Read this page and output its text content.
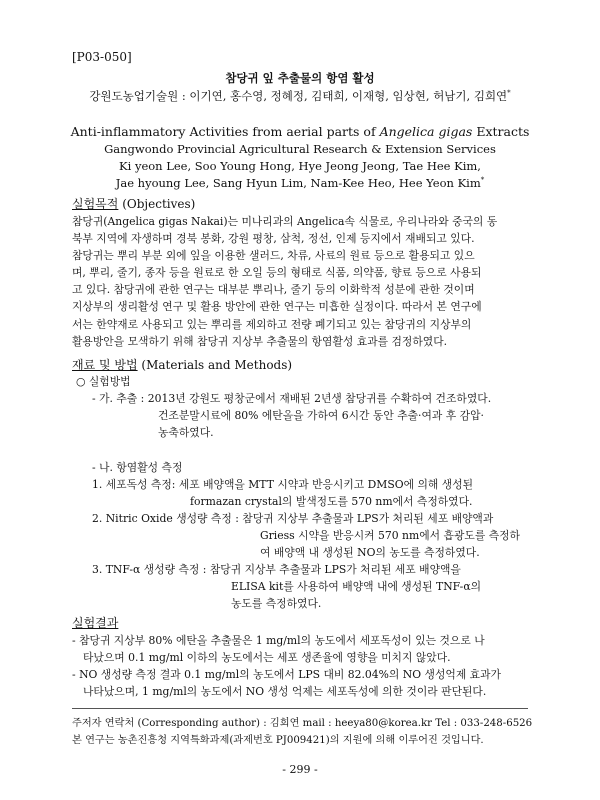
[P03-050]
참당귀 잎 추출물의 항염 활성
강원도농업기술원 : 이기연, 홍수영, 정혜정, 김태희, 이재형, 임상현, 허남기, 김희연*
Anti-inflammatory Activities from aerial parts of Angelica gigas Extracts
Gangwondo Provincial Agricultural Research & Extension Services
Ki yeon Lee, Soo Young Hong, Hye Jeong Jeong, Tae Hee Kim,
Jae hyoung Lee, Sang Hyun Lim, Nam-Kee Heo, Hee Yeon Kim*
실험목적 (Objectives)
참당귀(Angelica gigas Nakai)는 미나리과의 Angelica속 식물로, 우리나라와 중국의 동
북부 지역에 자생하며 경북 봉화, 강원 평창, 삼척, 정선, 인제 등지에서 재배되고 있다.
참당귀는 뿌리 부분 외에 잎을 이용한 샐러드, 차류, 사료의 원료 등으로 활용되고 있으
며, 뿌리, 줄기, 종자 등을 원료로 한 오일 등의 형태로 식품, 의약품, 향료 등으로 사용되
고 있다. 참당귀에 관한 연구는 대부분 뿌리나, 줄기 등의 이화학적 성분에 관한 것이며
지상부의 생리활성 연구 및 활용 방안에 관한 연구는 미흡한 실정이다. 따라서 본 연구에
서는 한약재로 사용되고 있는 뿌리를 제외하고 전량 폐기되고 있는 참당귀의 지상부의
활용방안을 모색하기 위해 참당귀 지상부 추출물의 항염활성 효과를 검정하였다.
재료 및 방법 (Materials and Methods)
○ 실험방법
- 가. 추출 : 2013년 강원도 평창군에서 재배된 2년생 참당귀를 수확하여 건조하였다.
건조분말시료에 80% 에탄올을 가하여 6시간 동안 추출·여과 후 감압·
농축하였다.
- 나. 항염활성 측정
1. 세포독성 측정: 세포 배양액을 MTT 시약과 반응시키고 DMSO에 의해 생성된
formazan crystal의 발색정도를 570 nm에서 측정하였다.
2. Nitric Oxide 생성량 측정 : 참당귀 지상부 추출물과 LPS가 처리된 세포 배양액과
Griess 시약을 반응시켜 570 nm에서 흡광도를 측정하
여 배양액 내 생성된 NO의 농도를 측정하였다.
3. TNF-α 생성량 측정 : 참당귀 지상부 추출물과 LPS가 처리된 세포 배양액을
ELISA kit를 사용하여 배양액 내에 생성된 TNF-α의
농도를 측정하였다.
실험결과
- 참당귀 지상부 80% 에탄올 추출물은 1 mg/ml의 농도에서 세포독성이 있는 것으로 나
타났으며 0.1 mg/ml 이하의 농도에서는 세포 생존율에 영향을 미치지 않았다.
- NO 생성량 측정 결과 0.1 mg/ml의 농도에서 LPS 대비 82.04%의 NO 생성억제 효과가
나타났으며, 1 mg/ml의 농도에서 NO 생성 억제는 세포독성에 의한 것이라 판단된다.
주저자 연락처 (Corresponding author) : 김희연 mail : heeya80@korea.kr Tel : 033-248-6526
본 연구는 농촌진흥청 지역특화과제(과제번호 PJ009421)의 지원에 의해 이루어진 것입니다.
- 299 -
